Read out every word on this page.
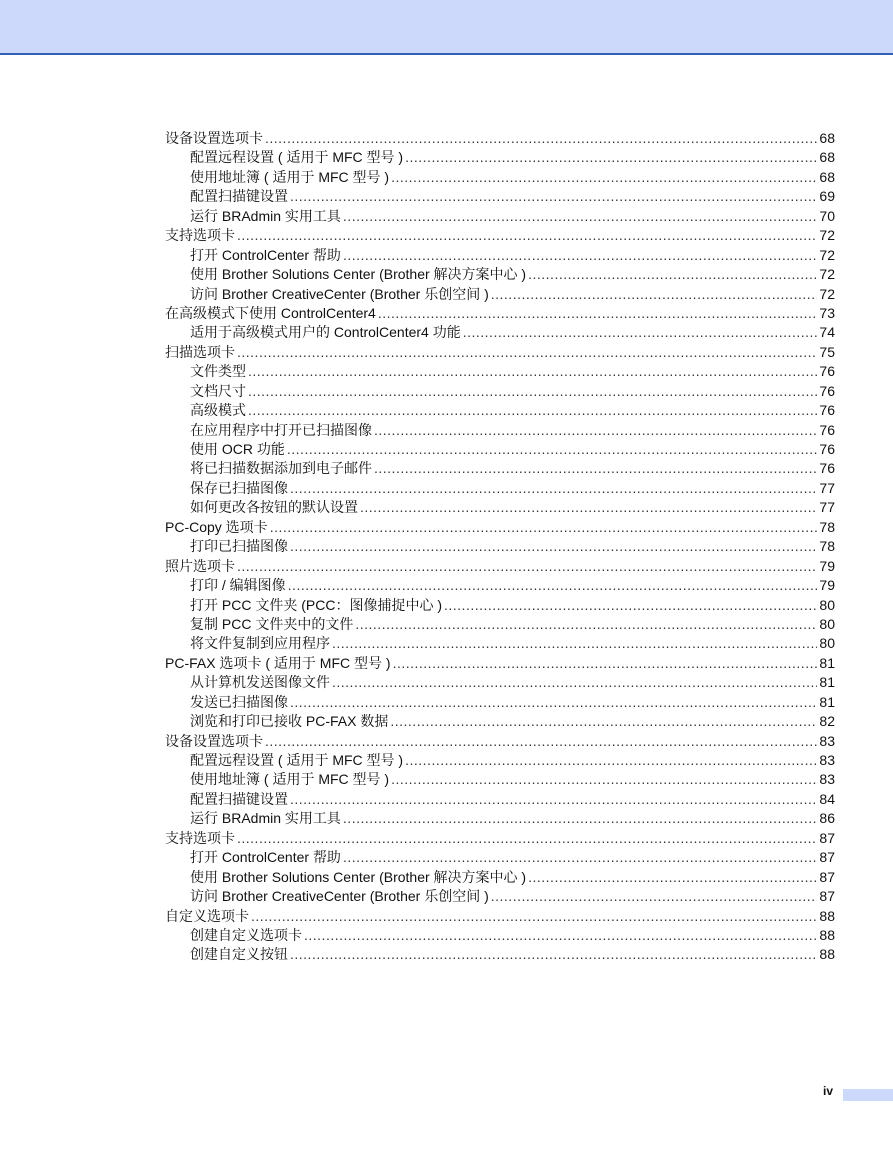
设备设置选项卡 .....	68
配置远程设置 ( 适用于 MFC 型号 ) .....	68
使用地址簿 ( 适用于 MFC 型号 ) .....	68
配置扫描键设置 .....	69
运行 BRAdmin 实用工具 .....	70
支持选项卡 .....	72
打开 ControlCenter 帮助 .....	72
使用 Brother Solutions Center (Brother 解决方案中心 ) .....	72
访问 Brother CreativeCenter (Brother 乐创空间 ) .....	72
在高级模式下使用 ControlCenter4 .....	73
适用于高级模式用户的 ControlCenter4 功能 .....	74
扫描选项卡 .....	75
文件类型 .....	76
文档尺寸 .....	76
高级模式 .....	76
在应用程序中打开已扫描图像 .....	76
使用 OCR 功能 .....	76
将已扫描数据添加到电子邮件 .....	76
保存已扫描图像 .....	77
如何更改各按钮的默认设置 .....	77
PC-Copy 选项卡 .....	78
打印已扫描图像 .....	78
照片选项卡 .....	79
打印 / 编辑图像 .....	79
打开 PCC 文件夹 (PCC：图像捕捉中心 ) .....	80
复制 PCC 文件夹中的文件 .....	80
将文件复制到应用程序 .....	80
PC-FAX 选项卡 ( 适用于 MFC 型号 ) .....	81
从计算机发送图像文件 .....	81
发送已扫描图像 .....	81
浏览和打印已接收 PC-FAX 数据 .....	82
设备设置选项卡 .....	83
配置远程设置 ( 适用于 MFC 型号 ) .....	83
使用地址簿 ( 适用于 MFC 型号 ) .....	83
配置扫描键设置 .....	84
运行 BRAdmin 实用工具 .....	86
支持选项卡 .....	87
打开 ControlCenter 帮助 .....	87
使用 Brother Solutions Center (Brother 解决方案中心 ) .....	87
访问 Brother CreativeCenter (Brother 乐创空间 ) .....	87
自定义选项卡 .....	88
创建自定义选项卡 .....	88
创建自定义按钮 .....	88
iv
